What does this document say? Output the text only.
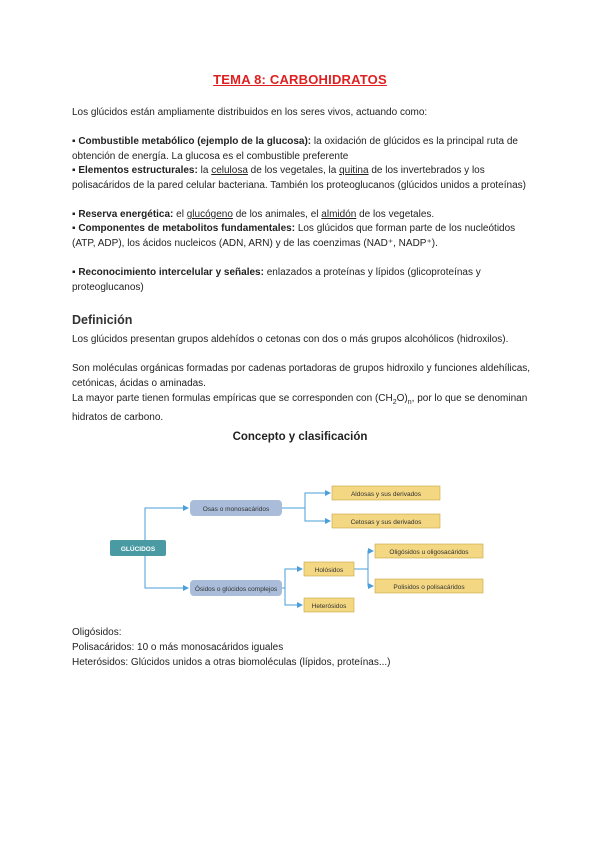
TEMA 8: CARBOHIDRATOS
Los glúcidos están ampliamente distribuidos en los seres vivos, actuando como:
▪ Combustible metabólico (ejemplo de la glucosa): la oxidación de glúcidos es la principal ruta de obtención de energía. La glucosa es el combustible preferente
▪ Elementos estructurales: la celulosa de los vegetales, la quitina de los invertebrados y los polisacáridos de la pared celular bacteriana. También los proteoglucanos (glúcidos unidos a proteínas)
▪ Reserva energética: el glucógeno de los animales, el almidón de los vegetales.
▪ Componentes de metabolitos fundamentales: Los glúcidos que forman parte de los nucleótidos (ATP, ADP), los ácidos nucleicos (ADN, ARN) y de las coenzimas (NAD⁺, NADP⁺).
▪ Reconocimiento intercelular y señales: enlazados a proteínas y lípidos (glicoproteínas y proteoglucanos)
Definición
Los glúcidos presentan grupos aldehídos o cetonas con dos o más grupos alcohólicos (hidroxilos).
Son moléculas orgánicas formadas por cadenas portadoras de grupos hidroxilo y funciones aldehílicas, cetónicas, ácidas o aminadas.
La mayor parte tienen formulas empíricas que se corresponden con $(CH_2O)_n$, por lo que se denominan hidratos de carbono.
Concepto y clasificación
GLÚCIDOS
Osas o monosacáridos
Ósidos o glúcidos complejos
Aldosas y sus derivados
Cetosas y sus derivados
Holósidos
Heterósidos
Oligósidos u oligosacáridos
Polisidos o polisacáridos
Oligósidos:
Polisacáridos: 10 o más monosacáridos iguales
Heterósidos: Glúcidos unidos a otras biomoléculas (lípidos, proteínas...)
